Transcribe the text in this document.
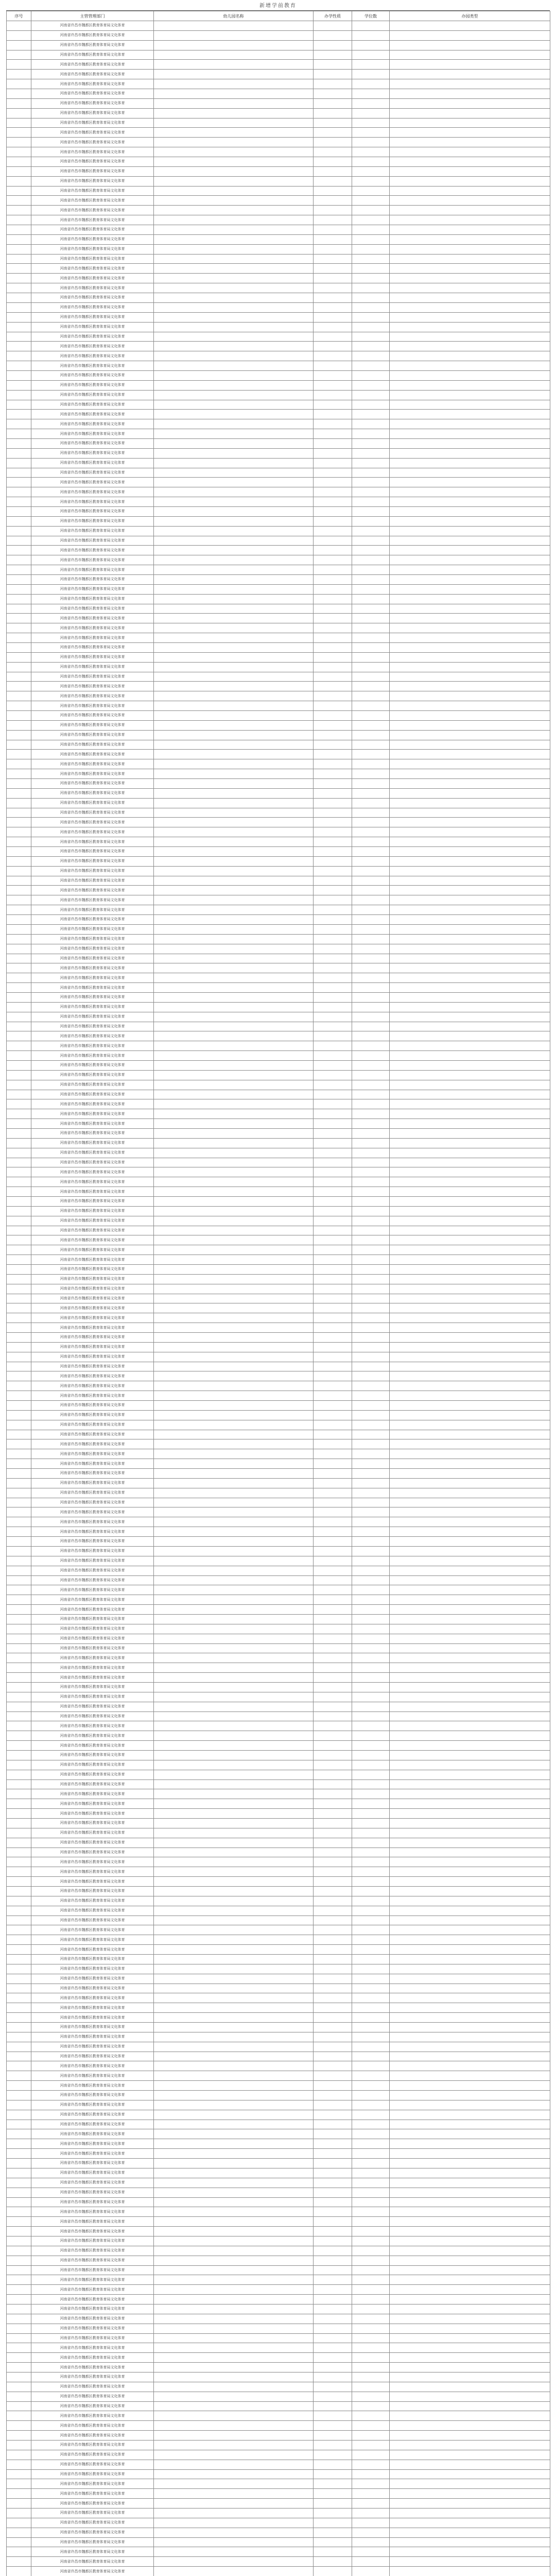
新增学前教育
序号	主管管理部门	幼儿园名称	办学性质	学位数	办园类型
	河南省许昌市魏都区教育体育局文化体育				
	河南省许昌市魏都区教育体育局文化体育				
	河南省许昌市魏都区教育体育局文化体育				
	河南省许昌市魏都区教育体育局文化体育				
	河南省许昌市魏都区教育体育局文化体育				
	河南省许昌市魏都区教育体育局文化体育				
	河南省许昌市魏都区教育体育局文化体育				
	河南省许昌市魏都区教育体育局文化体育				
	河南省许昌市魏都区教育体育局文化体育				
	河南省许昌市魏都区教育体育局文化体育				
	河南省许昌市魏都区教育体育局文化体育				
	河南省许昌市魏都区教育体育局文化体育				
	河南省许昌市魏都区教育体育局文化体育				
	河南省许昌市魏都区教育体育局文化体育				
	河南省许昌市魏都区教育体育局文化体育				
	河南省许昌市魏都区教育体育局文化体育				
	河南省许昌市魏都区教育体育局文化体育				
	河南省许昌市魏都区教育体育局文化体育				
	河南省许昌市魏都区教育体育局文化体育				
	河南省许昌市魏都区教育体育局文化体育				
	河南省许昌市魏都区教育体育局文化体育				
	河南省许昌市魏都区教育体育局文化体育				
	河南省许昌市魏都区教育体育局文化体育				
	河南省许昌市魏都区教育体育局文化体育				
	河南省许昌市魏都区教育体育局文化体育				
	河南省许昌市魏都区教育体育局文化体育				
	河南省许昌市魏都区教育体育局文化体育				
	河南省许昌市魏都区教育体育局文化体育				
	河南省许昌市魏都区教育体育局文化体育				
	河南省许昌市魏都区教育体育局文化体育				
	河南省许昌市魏都区教育体育局文化体育				
	河南省许昌市魏都区教育体育局文化体育				
	河南省许昌市魏都区教育体育局文化体育				
	河南省许昌市魏都区教育体育局文化体育				
	河南省许昌市魏都区教育体育局文化体育				
	河南省许昌市魏都区教育体育局文化体育				
	河南省许昌市魏都区教育体育局文化体育				
	河南省许昌市魏都区教育体育局文化体育				
	河南省许昌市魏都区教育体育局文化体育				
	河南省许昌市魏都区教育体育局文化体育				
	河南省许昌市魏都区教育体育局文化体育				
	河南省许昌市魏都区教育体育局文化体育				
	河南省许昌市魏都区教育体育局文化体育				
	河南省许昌市魏都区教育体育局文化体育				
	河南省许昌市魏都区教育体育局文化体育				
	河南省许昌市魏都区教育体育局文化体育				
	河南省许昌市魏都区教育体育局文化体育				
	河南省许昌市魏都区教育体育局文化体育				
	河南省许昌市魏都区教育体育局文化体育				
	河南省许昌市魏都区教育体育局文化体育				
	河南省许昌市魏都区教育体育局文化体育				
	河南省许昌市魏都区教育体育局文化体育				
	河南省许昌市魏都区教育体育局文化体育				
	河南省许昌市魏都区教育体育局文化体育				
	河南省许昌市魏都区教育体育局文化体育				
	河南省许昌市魏都区教育体育局文化体育				
	河南省许昌市魏都区教育体育局文化体育				
	河南省许昌市魏都区教育体育局文化体育				
	河南省许昌市魏都区教育体育局文化体育				
	河南省许昌市魏都区教育体育局文化体育				
	河南省许昌市魏都区教育体育局文化体育				
	河南省许昌市魏都区教育体育局文化体育				
	河南省许昌市魏都区教育体育局文化体育				
	河南省许昌市魏都区教育体育局文化体育				
	河南省许昌市魏都区教育体育局文化体育				
	河南省许昌市魏都区教育体育局文化体育				
	河南省许昌市魏都区教育体育局文化体育				
	河南省许昌市魏都区教育体育局文化体育				
	河南省许昌市魏都区教育体育局文化体育				
	河南省许昌市魏都区教育体育局文化体育				
	河南省许昌市魏都区教育体育局文化体育				
	河南省许昌市魏都区教育体育局文化体育				
	河南省许昌市魏都区教育体育局文化体育				
	河南省许昌市魏都区教育体育局文化体育				
	河南省许昌市魏都区教育体育局文化体育				
	河南省许昌市魏都区教育体育局文化体育				
	河南省许昌市魏都区教育体育局文化体育				
	河南省许昌市魏都区教育体育局文化体育				
	河南省许昌市魏都区教育体育局文化体育				
	河南省许昌市魏都区教育体育局文化体育				
	河南省许昌市魏都区教育体育局文化体育				
	河南省许昌市魏都区教育体育局文化体育				
	河南省许昌市魏都区教育体育局文化体育				
	河南省许昌市魏都区教育体育局文化体育				
	河南省许昌市魏都区教育体育局文化体育				
	河南省许昌市魏都区教育体育局文化体育				
	河南省许昌市魏都区教育体育局文化体育				
	河南省许昌市魏都区教育体育局文化体育				
	河南省许昌市魏都区教育体育局文化体育				
	河南省许昌市魏都区教育体育局文化体育				
	河南省许昌市魏都区教育体育局文化体育				
	河南省许昌市魏都区教育体育局文化体育				
	河南省许昌市魏都区教育体育局文化体育				
	河南省许昌市魏都区教育体育局文化体育				
	河南省许昌市魏都区教育体育局文化体育				
	河南省许昌市魏都区教育体育局文化体育				
	河南省许昌市魏都区教育体育局文化体育				
	河南省许昌市魏都区教育体育局文化体育				
	河南省许昌市魏都区教育体育局文化体育				
	河南省许昌市魏都区教育体育局文化体育				
	河南省许昌市魏都区教育体育局文化体育				
	河南省许昌市魏都区教育体育局文化体育				
	河南省许昌市魏都区教育体育局文化体育				
	河南省许昌市魏都区教育体育局文化体育				
	河南省许昌市魏都区教育体育局文化体育				
	河南省许昌市魏都区教育体育局文化体育				
	河南省许昌市魏都区教育体育局文化体育				
	河南省许昌市魏都区教育体育局文化体育				
	河南省许昌市魏都区教育体育局文化体育				
	河南省许昌市魏都区教育体育局文化体育				
	河南省许昌市魏都区教育体育局文化体育				
	河南省许昌市魏都区教育体育局文化体育				
	河南省许昌市魏都区教育体育局文化体育				
	河南省许昌市魏都区教育体育局文化体育				
	河南省许昌市魏都区教育体育局文化体育				
	河南省许昌市魏都区教育体育局文化体育				
	河南省许昌市魏都区教育体育局文化体育				
	河南省许昌市魏都区教育体育局文化体育				
	河南省许昌市魏都区教育体育局文化体育				
	河南省许昌市魏都区教育体育局文化体育				
	河南省许昌市魏都区教育体育局文化体育				
	河南省许昌市魏都区教育体育局文化体育				
	河南省许昌市魏都区教育体育局文化体育				
	河南省许昌市魏都区教育体育局文化体育				
	河南省许昌市魏都区教育体育局文化体育				
	河南省许昌市魏都区教育体育局文化体育				
	河南省许昌市魏都区教育体育局文化体育				
	河南省许昌市魏都区教育体育局文化体育				
	河南省许昌市魏都区教育体育局文化体育				
	河南省许昌市魏都区教育体育局文化体育				
	河南省许昌市魏都区教育体育局文化体育				
	河南省许昌市魏都区教育体育局文化体育				
	河南省许昌市魏都区教育体育局文化体育				
	河南省许昌市魏都区教育体育局文化体育				
	河南省许昌市魏都区教育体育局文化体育				
	河南省许昌市魏都区教育体育局文化体育				
	河南省许昌市魏都区教育体育局文化体育				
	河南省许昌市魏都区教育体育局文化体育				
	河南省许昌市魏都区教育体育局文化体育				
	河南省许昌市魏都区教育体育局文化体育				
	河南省许昌市魏都区教育体育局文化体育				
	河南省许昌市魏都区教育体育局文化体育				
	河南省许昌市魏都区教育体育局文化体育				
	河南省许昌市魏都区教育体育局文化体育				
	河南省许昌市魏都区教育体育局文化体育				
	河南省许昌市魏都区教育体育局文化体育				
	河南省许昌市魏都区教育体育局文化体育				
	河南省许昌市魏都区教育体育局文化体育				
	河南省许昌市魏都区教育体育局文化体育				
	河南省许昌市魏都区教育体育局文化体育				
	河南省许昌市魏都区教育体育局文化体育				
	河南省许昌市魏都区教育体育局文化体育				
	河南省许昌市魏都区教育体育局文化体育				
	河南省许昌市魏都区教育体育局文化体育				
	河南省许昌市魏都区教育体育局文化体育				
	河南省许昌市魏都区教育体育局文化体育				
	河南省许昌市魏都区教育体育局文化体育				
	河南省许昌市魏都区教育体育局文化体育				
	河南省许昌市魏都区教育体育局文化体育				
	河南省许昌市魏都区教育体育局文化体育				
	河南省许昌市魏都区教育体育局文化体育				
	河南省许昌市魏都区教育体育局文化体育				
	河南省许昌市魏都区教育体育局文化体育				
	河南省许昌市魏都区教育体育局文化体育				
	河南省许昌市魏都区教育体育局文化体育				
	河南省许昌市魏都区教育体育局文化体育				
	河南省许昌市魏都区教育体育局文化体育				
	河南省许昌市魏都区教育体育局文化体育				
	河南省许昌市魏都区教育体育局文化体育				
	河南省许昌市魏都区教育体育局文化体育				
	河南省许昌市魏都区教育体育局文化体育				
	河南省许昌市魏都区教育体育局文化体育				
	河南省许昌市魏都区教育体育局文化体育				
	河南省许昌市魏都区教育体育局文化体育				
	河南省许昌市魏都区教育体育局文化体育				
	河南省许昌市魏都区教育体育局文化体育				
	河南省许昌市魏都区教育体育局文化体育				
	河南省许昌市魏都区教育体育局文化体育				
	河南省许昌市魏都区教育体育局文化体育				
	河南省许昌市魏都区教育体育局文化体育				
	河南省许昌市魏都区教育体育局文化体育				
	河南省许昌市魏都区教育体育局文化体育				
	河南省许昌市魏都区教育体育局文化体育				
	河南省许昌市魏都区教育体育局文化体育				
	河南省许昌市魏都区教育体育局文化体育				
	河南省许昌市魏都区教育体育局文化体育				
	河南省许昌市魏都区教育体育局文化体育				
	河南省许昌市魏都区教育体育局文化体育				
	河南省许昌市魏都区教育体育局文化体育				
	河南省许昌市魏都区教育体育局文化体育				
	河南省许昌市魏都区教育体育局文化体育				
	河南省许昌市魏都区教育体育局文化体育				
	河南省许昌市魏都区教育体育局文化体育				
	河南省许昌市魏都区教育体育局文化体育				
	河南省许昌市魏都区教育体育局文化体育				
	河南省许昌市魏都区教育体育局文化体育				
	河南省许昌市魏都区教育体育局文化体育				
	河南省许昌市魏都区教育体育局文化体育				
	河南省许昌市魏都区教育体育局文化体育				
	河南省许昌市魏都区教育体育局文化体育				
	河南省许昌市魏都区教育体育局文化体育				
	河南省许昌市魏都区教育体育局文化体育				
	河南省许昌市魏都区教育体育局文化体育				
	河南省许昌市魏都区教育体育局文化体育				
	河南省许昌市魏都区教育体育局文化体育				
	河南省许昌市魏都区教育体育局文化体育				
	河南省许昌市魏都区教育体育局文化体育				
	河南省许昌市魏都区教育体育局文化体育				
	河南省许昌市魏都区教育体育局文化体育				
	河南省许昌市魏都区教育体育局文化体育				
	河南省许昌市魏都区教育体育局文化体育				
	河南省许昌市魏都区教育体育局文化体育				
	河南省许昌市魏都区教育体育局文化体育				
	河南省许昌市魏都区教育体育局文化体育				
	河南省许昌市魏都区教育体育局文化体育				
	河南省许昌市魏都区教育体育局文化体育				
	河南省许昌市魏都区教育体育局文化体育				
	河南省许昌市魏都区教育体育局文化体育				
	河南省许昌市魏都区教育体育局文化体育				
	河南省许昌市魏都区教育体育局文化体育				
	河南省许昌市魏都区教育体育局文化体育				
	河南省许昌市魏都区教育体育局文化体育				
	河南省许昌市魏都区教育体育局文化体育				
	河南省许昌市魏都区教育体育局文化体育				
	河南省许昌市魏都区教育体育局文化体育				
	河南省许昌市魏都区教育体育局文化体育				
	河南省许昌市魏都区教育体育局文化体育				
	河南省许昌市魏都区教育体育局文化体育				
	河南省许昌市魏都区教育体育局文化体育				
	河南省许昌市魏都区教育体育局文化体育				
	河南省许昌市魏都区教育体育局文化体育				
	河南省许昌市魏都区教育体育局文化体育				
	河南省许昌市魏都区教育体育局文化体育				
	河南省许昌市魏都区教育体育局文化体育				
	河南省许昌市魏都区教育体育局文化体育				
	河南省许昌市魏都区教育体育局文化体育				
	河南省许昌市魏都区教育体育局文化体育				
	河南省许昌市魏都区教育体育局文化体育				
	河南省许昌市魏都区教育体育局文化体育				
	河南省许昌市魏都区教育体育局文化体育				
	河南省许昌市魏都区教育体育局文化体育				
	河南省许昌市魏都区教育体育局文化体育				
	河南省许昌市魏都区教育体育局文化体育				
	河南省许昌市魏都区教育体育局文化体育				
	河南省许昌市魏都区教育体育局文化体育				
	河南省许昌市魏都区教育体育局文化体育				
	河南省许昌市魏都区教育体育局文化体育				
	河南省许昌市魏都区教育体育局文化体育				
	河南省许昌市魏都区教育体育局文化体育				
	河南省许昌市魏都区教育体育局文化体育				
	河南省许昌市魏都区教育体育局文化体育				
	河南省许昌市魏都区教育体育局文化体育				
	河南省许昌市魏都区教育体育局文化体育				
	河南省许昌市魏都区教育体育局文化体育				
	河南省许昌市魏都区教育体育局文化体育				
	河南省许昌市魏都区教育体育局文化体育				
	河南省许昌市魏都区教育体育局文化体育				
	河南省许昌市魏都区教育体育局文化体育				
	河南省许昌市魏都区教育体育局文化体育				
	河南省许昌市魏都区教育体育局文化体育				
	河南省许昌市魏都区教育体育局文化体育				
	河南省许昌市魏都区教育体育局文化体育				
	河南省许昌市魏都区教育体育局文化体育				
